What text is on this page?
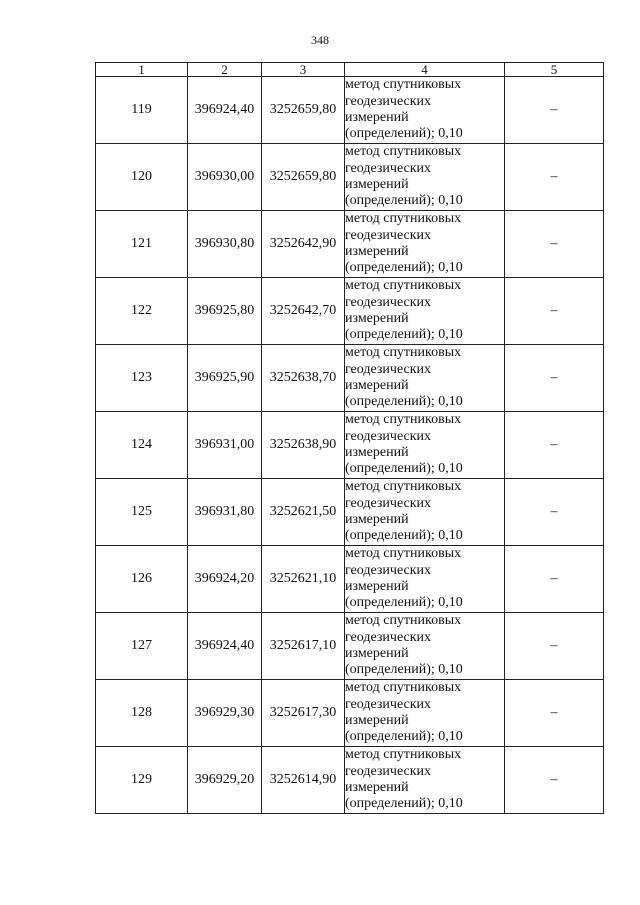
348
1	2	3	4	5
119	396924,40	3252659,80	метод спутниковых
геодезических
измерений
(определений); 0,10	–
120	396930,00	3252659,80	метод спутниковых
геодезических
измерений
(определений); 0,10	–
121	396930,80	3252642,90	метод спутниковых
геодезических
измерений
(определений); 0,10	–
122	396925,80	3252642,70	метод спутниковых
геодезических
измерений
(определений); 0,10	–
123	396925,90	3252638,70	метод спутниковых
геодезических
измерений
(определений); 0,10	–
124	396931,00	3252638,90	метод спутниковых
геодезических
измерений
(определений); 0,10	–
125	396931,80	3252621,50	метод спутниковых
геодезических
измерений
(определений); 0,10	–
126	396924,20	3252621,10	метод спутниковых
геодезических
измерений
(определений); 0,10	–
127	396924,40	3252617,10	метод спутниковых
геодезических
измерений
(определений); 0,10	–
128	396929,30	3252617,30	метод спутниковых
геодезических
измерений
(определений); 0,10	–
129	396929,20	3252614,90	метод спутниковых
геодезических
измерений
(определений); 0,10	–
